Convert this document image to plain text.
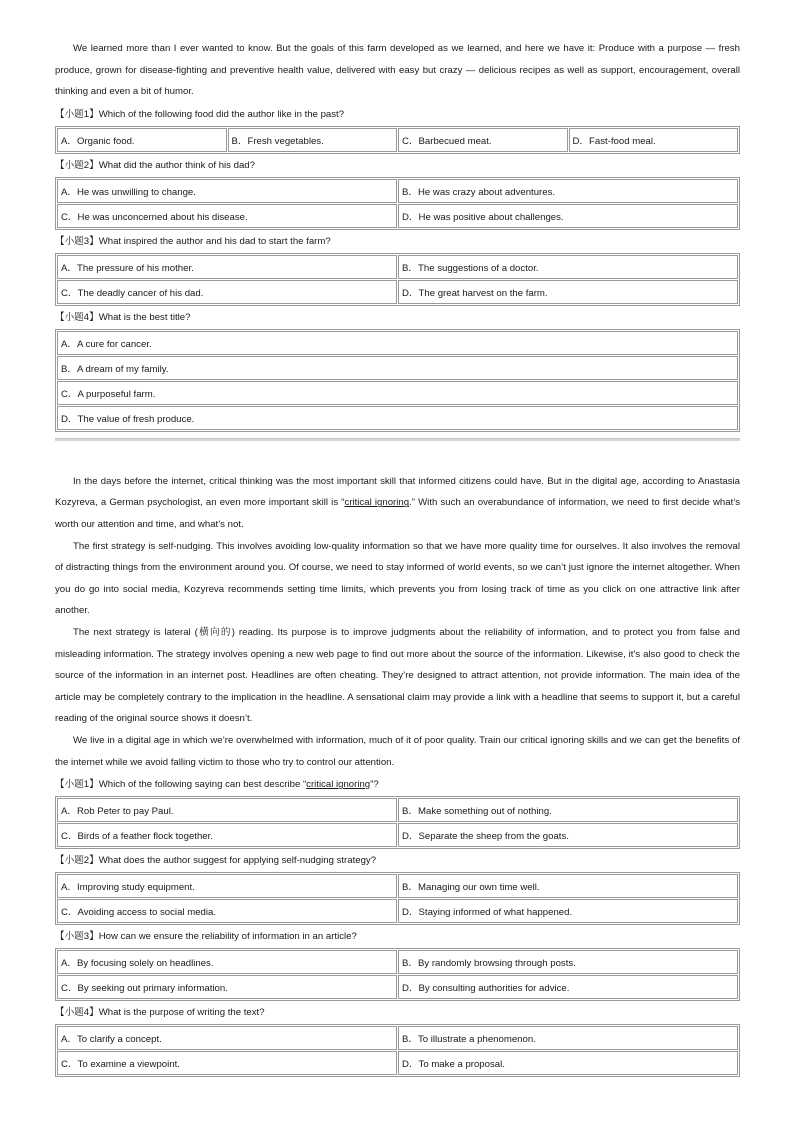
We learned more than I ever wanted to know. But the goals of this farm developed as we learned, and here we have it: Produce with a purpose — fresh produce, grown for disease-fighting and preventive health value, delivered with easy but crazy — delicious recipes as well as support, encouragement, overall thinking and even a bit of humor.

【小题1】Which of the following food did the author like in the past?
A．Organic food.	B．Fresh vegetables.	C．Barbecued meat.	D．Fast-food meal.
【小题2】What did the author think of his dad?
A．He was unwilling to change.	B．He was crazy about adventures.
C．He was unconcerned about his disease.	D．He was positive about challenges.
【小题3】What inspired the author and his dad to start the farm?
A．The pressure of his mother.	B．The suggestions of a doctor.
C．The deadly cancer of his dad.	D．The great harvest on the farm.
【小题4】What is the best title?
A．A cure for cancer.
B．A dream of my family.
C．A purposeful farm.
D．The value of fresh produce.

In the days before the internet, critical thinking was the most important skill that informed citizens could have. But in the digital age, according to Anastasia Kozyreva, a German psychologist, an even more important skill is “critical ignoring.” With such an overabundance of information, we need to first decide what’s worth our attention and time, and what’s not.

The first strategy is self-nudging. This involves avoiding low-quality information so that we have more quality time for ourselves. It also involves the removal of distracting things from the environment around you. Of course, we need to stay informed of world events, so we can’t just ignore the internet altogether. When you do go into social media, Kozyreva recommends setting time limits, which prevents you from losing track of time as you click on one attractive link after another.

The next strategy is lateral (横向的) reading. Its purpose is to improve judgments about the reliability of information, and to protect you from false and misleading information. The strategy involves opening a new web page to find out more about the source of the information. Likewise, it’s also good to check the source of the information in an internet post. Headlines are often cheating. They’re designed to attract attention, not provide information. The main idea of the article may be completely contrary to the implication in the headline. A sensational claim may provide a link with a headline that seems to support it, but a careful reading of the original source shows it doesn’t.

We live in a digital age in which we’re overwhelmed with information, much of it of poor quality. Train our critical ignoring skills and we can get the benefits of the internet while we avoid falling victim to those who try to control our attention.

【小题1】Which of the following saying can best describe “critical ignoring”?
A．Rob Peter to pay Paul.	B．Make something out of nothing.
C．Birds of a feather flock together.	D．Separate the sheep from the goats.
【小题2】What does the author suggest for applying self-nudging strategy?
A．Improving study equipment.	B．Managing our own time well.
C．Avoiding access to social media.	D．Staying informed of what happened.
【小题3】How can we ensure the reliability of information in an article?
A．By focusing solely on headlines.	B．By randomly browsing through posts.
C．By seeking out primary information.	D．By consulting authorities for advice.
【小题4】What is the purpose of writing the text?
A．To clarify a concept.	B．To illustrate a phenomenon.
C．To examine a viewpoint.	D．To make a proposal.
